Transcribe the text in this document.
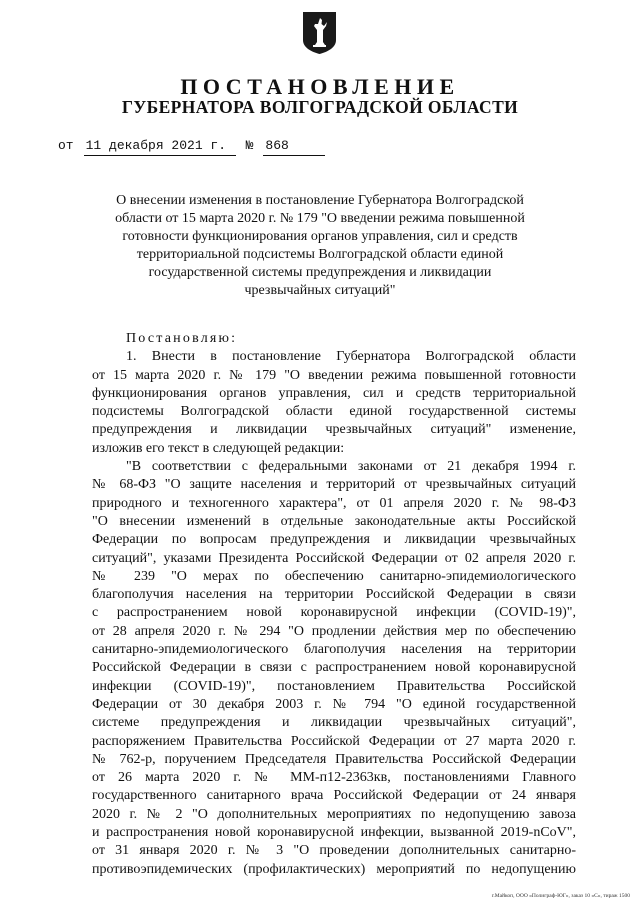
ПОСТАНОВЛЕНИЕ
ГУБЕРНАТОРА ВОЛГОГРАДСКОЙ ОБЛАСТИ
от 11 декабря 2021 г. № 868
О внесении изменения в постановление Губернатора Волгоградской
области от 15 марта 2020 г. № 179 "О введении режима повышенной
готовности функционирования органов управления, сил и средств
территориальной подсистемы Волгоградской области единой
государственной системы предупреждения и ликвидации
чрезвычайных ситуаций"
Постановляю:
1. Внести в постановление Губернатора Волгоградской области
от 15 марта 2020 г. № 179 "О введении режима повышенной готовности
функционирования органов управления, сил и средств территориальной
подсистемы Волгоградской области единой государственной системы
предупреждения и ликвидации чрезвычайных ситуаций" изменение,
изложив его текст в следующей редакции:
"В соответствии с федеральными законами от 21 декабря 1994 г.
№ 68-ФЗ "О защите населения и территорий от чрезвычайных ситуаций
природного и техногенного характера", от 01 апреля 2020 г. № 98-ФЗ
"О внесении изменений в отдельные законодательные акты Российской
Федерации по вопросам предупреждения и ликвидации чрезвычайных
ситуаций", указами Президента Российской Федерации от 02 апреля 2020 г.
№ 239 "О мерах по обеспечению санитарно-эпидемиологического
благополучия населения на территории Российской Федерации в связи
с распространением новой коронавирусной инфекции (COVID-19)",
от 28 апреля 2020 г. № 294 "О продлении действия мер по обеспечению
санитарно-эпидемиологического благополучия населения на территории
Российской Федерации в связи с распространением новой коронавирусной
инфекции (COVID-19)", постановлением Правительства Российской
Федерации от 30 декабря 2003 г. № 794 "О единой государственной
системе предупреждения и ликвидации чрезвычайных ситуаций",
распоряжением Правительства Российской Федерации от 27 марта 2020 г.
№ 762-р, поручением Председателя Правительства Российской Федерации
от 26 марта 2020 г. № ММ-п12-2363кв, постановлениями Главного
государственного санитарного врача Российской Федерации от 24 января
2020 г. № 2 "О дополнительных мероприятиях по недопущению завоза
и распространения новой коронавирусной инфекции, вызванной 2019-nCoV",
от 31 января 2020 г. № 3 "О проведении дополнительных санитарно-
противоэпидемических (профилактических) мероприятий по недопущению
г.Майкоп, ООО «Полиграф-ЮГ», заказ 10 «С», тираж 1500
